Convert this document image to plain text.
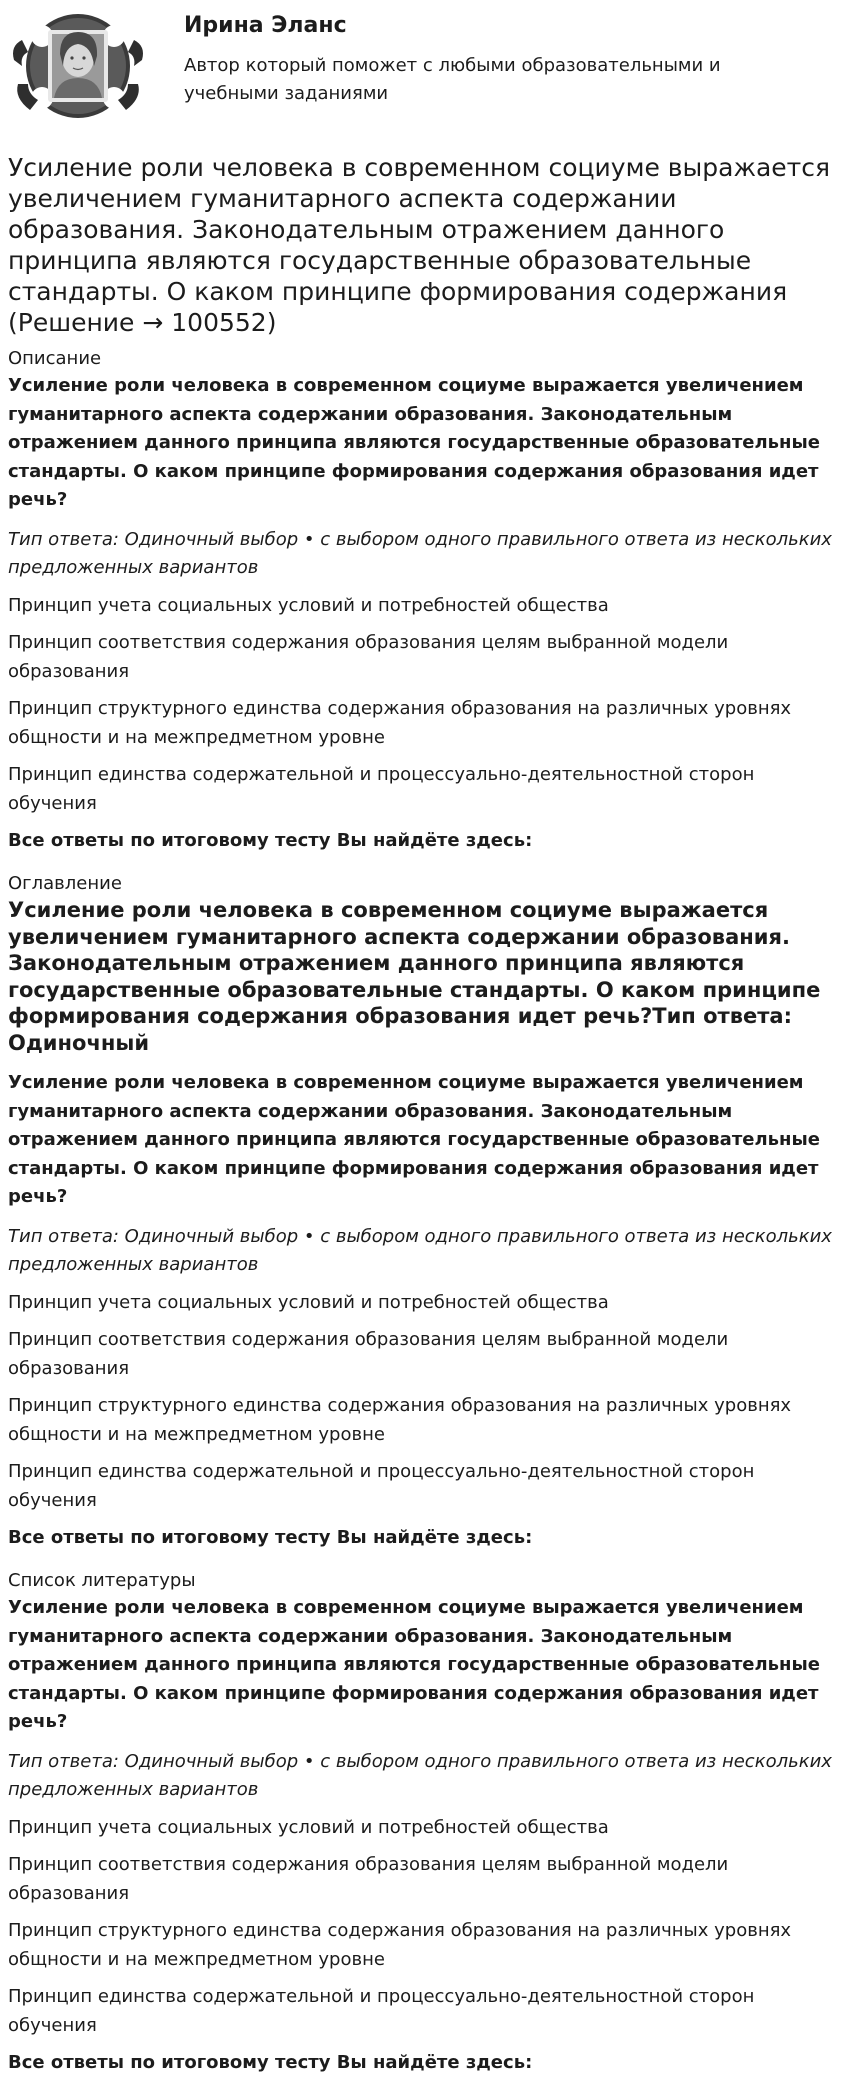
Ирина Эланс
Автор который поможет с любыми образовательными и учебными заданиями
Усиление роли человека в современном социуме выражается увеличением гуманитарного аспекта содержании образования. Законодательным отражением данного принципа являются государственные образовательные стандарты. О каком принципе формирования содержания (Решение → 100552)

Описание

Усиление роли человека в современном социуме выражается увеличением гуманитарного аспекта содержании образования. Законодательным отражением данного принципа являются государственные образовательные стандарты. О каком принципе формирования содержания образования идет речь?

Тип ответа: Одиночный выбор • с выбором одного правильного ответа из нескольких предложенных вариантов

Принцип учета социальных условий и потребностей общества

Принцип соответствия содержания образования целям выбранной модели образования

Принцип структурного единства содержания образования на различных уровнях общности и на межпредметном уровне

Принцип единства содержательной и процессуально-деятельностной сторон обучения

Все ответы по итоговому тесту Вы найдёте здесь:

Оглавление

Усиление роли человека в современном социуме выражается увеличением гуманитарного аспекта содержании образования. Законодательным отражением данного принципа являются государственные образовательные стандарты. О каком принципе формирования содержания образования идет речь?Тип ответа: Одиночный

Усиление роли человека в современном социуме выражается увеличением гуманитарного аспекта содержании образования. Законодательным отражением данного принципа являются государственные образовательные стандарты. О каком принципе формирования содержания образования идет речь?

Тип ответа: Одиночный выбор • с выбором одного правильного ответа из нескольких предложенных вариантов

Принцип учета социальных условий и потребностей общества

Принцип соответствия содержания образования целям выбранной модели образования

Принцип структурного единства содержания образования на различных уровнях общности и на межпредметном уровне

Принцип единства содержательной и процессуально-деятельностной сторон обучения

Все ответы по итоговому тесту Вы найдёте здесь:

Список литературы

Усиление роли человека в современном социуме выражается увеличением гуманитарного аспекта содержании образования. Законодательным отражением данного принципа являются государственные образовательные стандарты. О каком принципе формирования содержания образования идет речь?

Тип ответа: Одиночный выбор • с выбором одного правильного ответа из нескольких предложенных вариантов

Принцип учета социальных условий и потребностей общества

Принцип соответствия содержания образования целям выбранной модели образования

Принцип структурного единства содержания образования на различных уровнях общности и на межпредметном уровне

Принцип единства содержательной и процессуально-деятельностной сторон обучения

Все ответы по итоговому тесту Вы найдёте здесь:
